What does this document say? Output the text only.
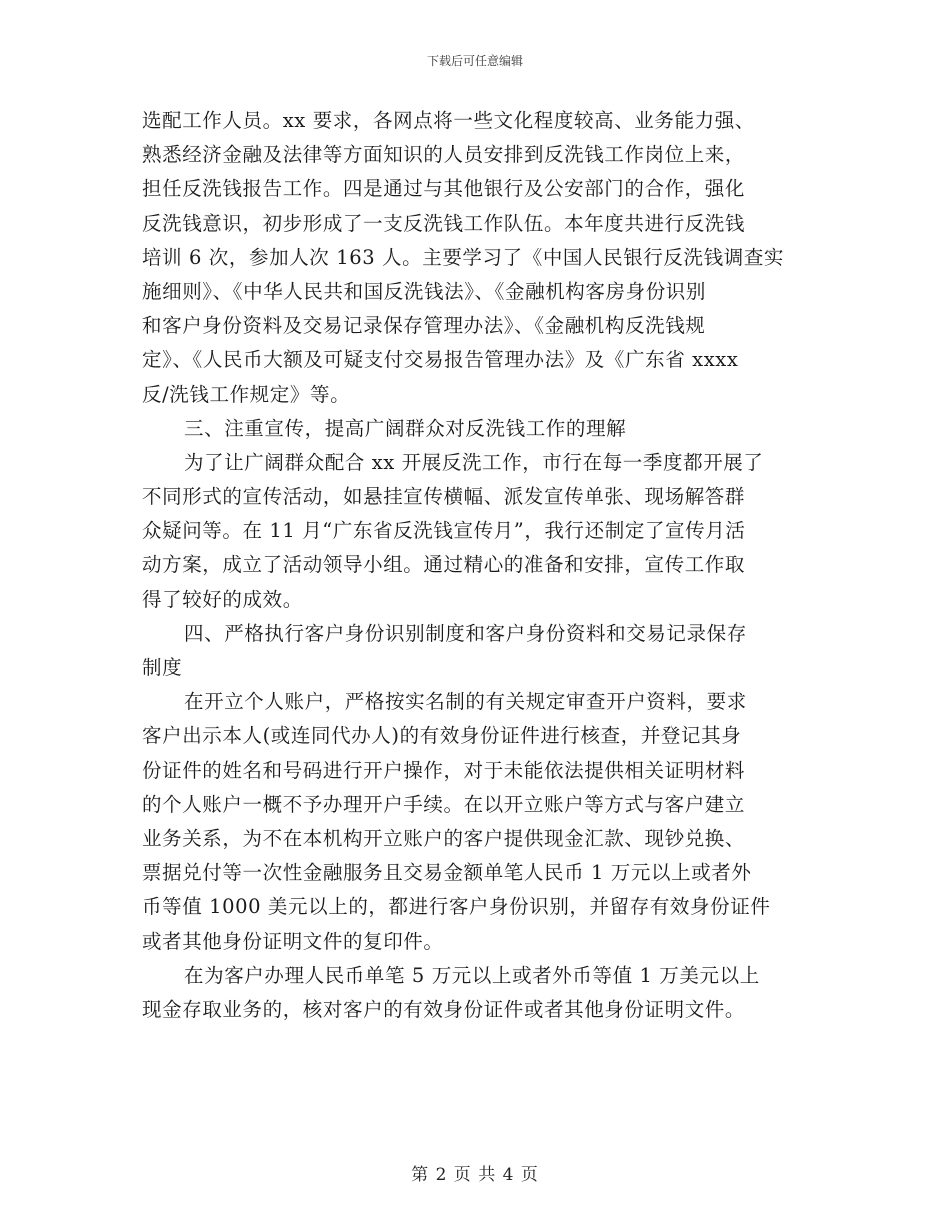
下载后可任意编辑
选配工作人员。xx 要求，各网点将一些文化程度较高、业务能力强、
熟悉经济金融及法律等方面知识的人员安排到反洗钱工作岗位上来，
担任反洗钱报告工作。四是通过与其他银行及公安部门的合作，强化
反洗钱意识，初步形成了一支反洗钱工作队伍。本年度共进行反洗钱
培训 6 次，参加人次 163 人。主要学习了《中国人民银行反洗钱调查实
施细则》、《中华人民共和国反洗钱法》、《金融机构客房身份识别
和客户身份资料及交易记录保存管理办法》、《金融机构反洗钱规
定》、《人民币大额及可疑支付交易报告管理办法》及《广东省 xxxx
反/洗钱工作规定》等。
三、注重宣传，提高广阔群众对反洗钱工作的理解
为了让广阔群众配合 xx 开展反洗工作，市行在每一季度都开展了
不同形式的宣传活动，如悬挂宣传横幅、派发宣传单张、现场解答群
众疑问等。在 11 月“广东省反洗钱宣传月”，我行还制定了宣传月活
动方案，成立了活动领导小组。通过精心的准备和安排，宣传工作取
得了较好的成效。
四、严格执行客户身份识别制度和客户身份资料和交易记录保存
制度
在开立个人账户，严格按实名制的有关规定审查开户资料，要求
客户出示本人(或连同代办人)的有效身份证件进行核查，并登记其身
份证件的姓名和号码进行开户操作，对于未能依法提供相关证明材料
的个人账户一概不予办理开户手续。在以开立账户等方式与客户建立
业务关系，为不在本机构开立账户的客户提供现金汇款、现钞兑换、
票据兑付等一次性金融服务且交易金额单笔人民币 1 万元以上或者外
币等值 1000 美元以上的，都进行客户身份识别，并留存有效身份证件
或者其他身份证明文件的复印件。
在为客户办理人民币单笔 5 万元以上或者外币等值 1 万美元以上
现金存取业务的，核对客户的有效身份证件或者其他身份证明文件。
第 2 页 共 4 页
